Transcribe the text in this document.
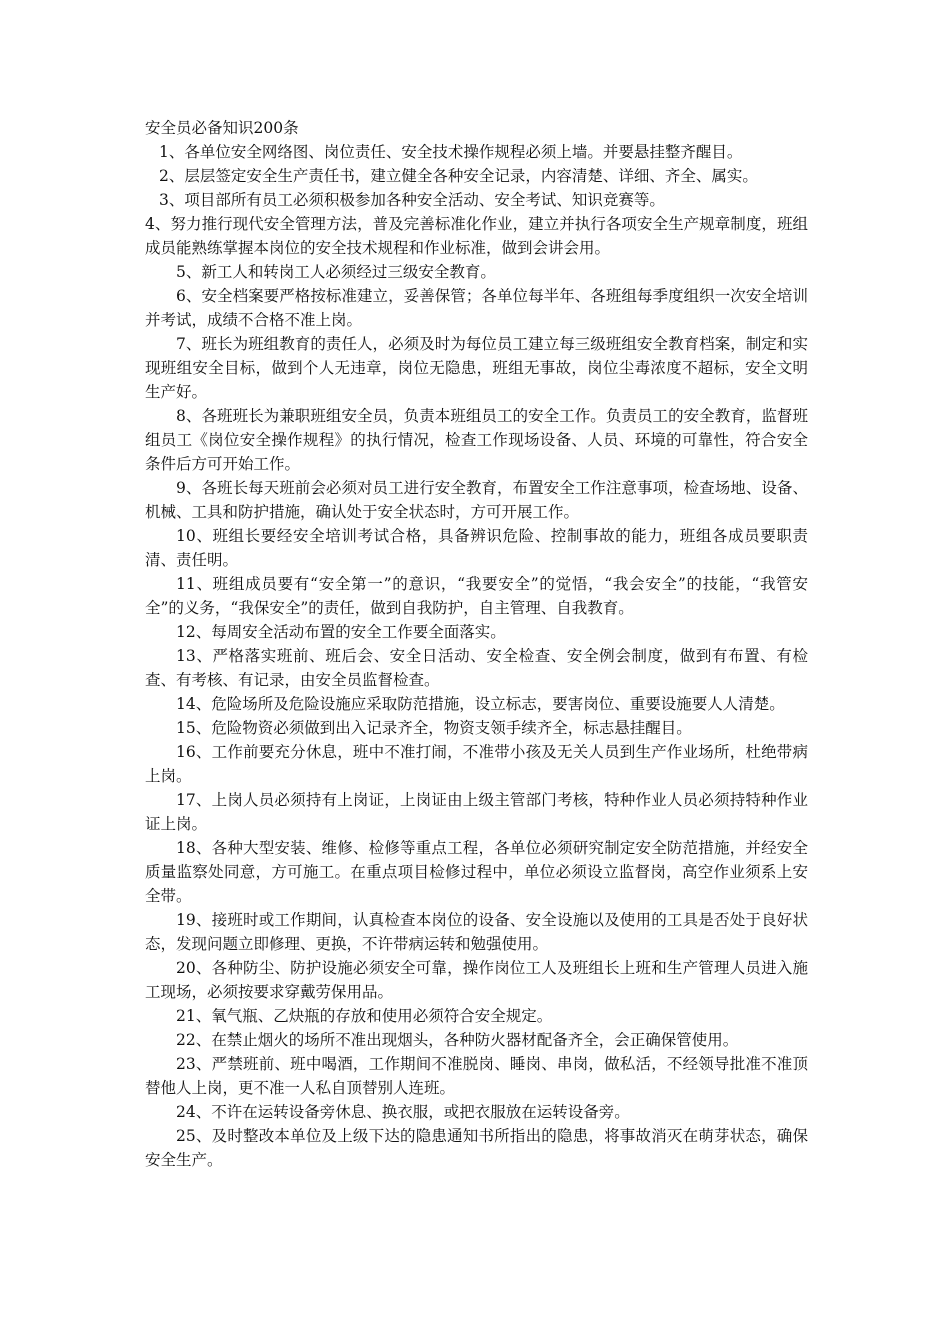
安全员必备知识200条

1、各单位安全网络图、岗位责任、安全技术操作规程必须上墙。并要悬挂整齐醒目。

2、层层签定安全生产责任书，建立健全各种安全记录，内容清楚、详细、齐全、属实。

3、项目部所有员工必须积极参加各种安全活动、安全考试、知识竞赛等。

4、努力推行现代安全管理方法，普及完善标准化作业，建立并执行各项安全生产规章制度，班组成员能熟练掌握本岗位的安全技术规程和作业标准，做到会讲会用。

5、新工人和转岗工人必须经过三级安全教育。

6、安全档案要严格按标准建立，妥善保管；各单位每半年、各班组每季度组织一次安全培训并考试，成绩不合格不准上岗。

7、班长为班组教育的责任人，必须及时为每位员工建立每三级班组安全教育档案，制定和实现班组安全目标，做到个人无违章，岗位无隐患，班组无事故，岗位尘毒浓度不超标，安全文明生产好。

8、各班班长为兼职班组安全员，负责本班组员工的安全工作。负责员工的安全教育，监督班组员工《岗位安全操作规程》的执行情况，检查工作现场设备、人员、环境的可靠性，符合安全条件后方可开始工作。

9、各班长每天班前会必须对员工进行安全教育，布置安全工作注意事项，检查场地、设备、机械、工具和防护措施，确认处于安全状态时，方可开展工作。

10、班组长要经安全培训考试合格，具备辨识危险、控制事故的能力，班组各成员要职责清、责任明。

11、班组成员要有“安全第一”的意识，“我要安全”的觉悟，“我会安全”的技能，“我管安全”的义务，“我保安全”的责任，做到自我防护，自主管理、自我教育。

12、每周安全活动布置的安全工作要全面落实。

13、严格落实班前、班后会、安全日活动、安全检查、安全例会制度，做到有布置、有检查、有考核、有记录，由安全员监督检查。

14、危险场所及危险设施应采取防范措施，设立标志，要害岗位、重要设施要人人清楚。

15、危险物资必须做到出入记录齐全，物资支领手续齐全，标志悬挂醒目。

16、工作前要充分休息，班中不准打闹，不准带小孩及无关人员到生产作业场所，杜绝带病上岗。

17、上岗人员必须持有上岗证，上岗证由上级主管部门考核，特种作业人员必须持特种作业证上岗。

18、各种大型安装、维修、检修等重点工程，各单位必须研究制定安全防范措施，并经安全质量监察处同意，方可施工。在重点项目检修过程中，单位必须设立监督岗，高空作业须系上安全带。

19、接班时或工作期间，认真检查本岗位的设备、安全设施以及使用的工具是否处于良好状态，发现问题立即修理、更换，不许带病运转和勉强使用。

20、各种防尘、防护设施必须安全可靠，操作岗位工人及班组长上班和生产管理人员进入施工现场，必须按要求穿戴劳保用品。

21、氧气瓶、乙炔瓶的存放和使用必须符合安全规定。

22、在禁止烟火的场所不准出现烟头，各种防火器材配备齐全，会正确保管使用。

23、严禁班前、班中喝酒，工作期间不准脱岗、睡岗、串岗，做私活，不经领导批准不准顶替他人上岗，更不准一人私自顶替别人连班。

24、不许在运转设备旁休息、换衣服，或把衣服放在运转设备旁。

25、及时整改本单位及上级下达的隐患通知书所指出的隐患，将事故消灭在萌芽状态，确保安全生产。
